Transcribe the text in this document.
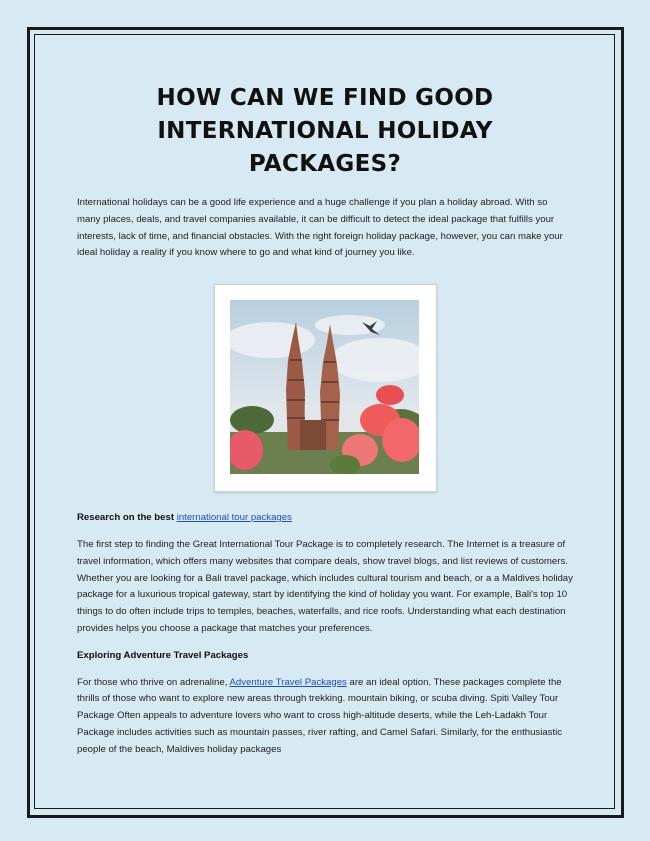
HOW CAN WE FIND GOOD INTERNATIONAL HOLIDAY PACKAGES?

International holidays can be a good life experience and a huge challenge if you plan a holiday abroad. With so many places, deals, and travel companies available, it can be difficult to detect the ideal package that fulfills your interests, lack of time, and financial obstacles. With the right foreign holiday package, however, you can make your ideal holiday a reality if you know where to go and what kind of journey you like.

Research on the best international tour packages

The first step to finding the Great International Tour Package is to completely research. The Internet is a treasure of travel information, which offers many websites that compare deals, show travel blogs, and list reviews of customers. Whether you are looking for a Bali travel package, which includes cultural tourism and beach, or a a Maldives holiday package for a luxurious tropical gateway, start by identifying the kind of holiday you want. For example, Bali's top 10 things to do often include trips to temples, beaches, waterfalls, and rice roofs. Understanding what each destination provides helps you choose a package that matches your preferences.

Exploring Adventure Travel Packages

For those who thrive on adrenaline, Adventure Travel Packages are an ideal option. These packages complete the thrills of those who want to explore new areas through trekking. mountain biking, or scuba diving. Spiti Valley Tour Package Often appeals to adventure lovers who want to cross high-altitude deserts, while the Leh-Ladakh Tour Package includes activities such as mountain passes, river rafting, and Camel Safari. Similarly, for the enthusiastic people of the beach, Maldives holiday packages
